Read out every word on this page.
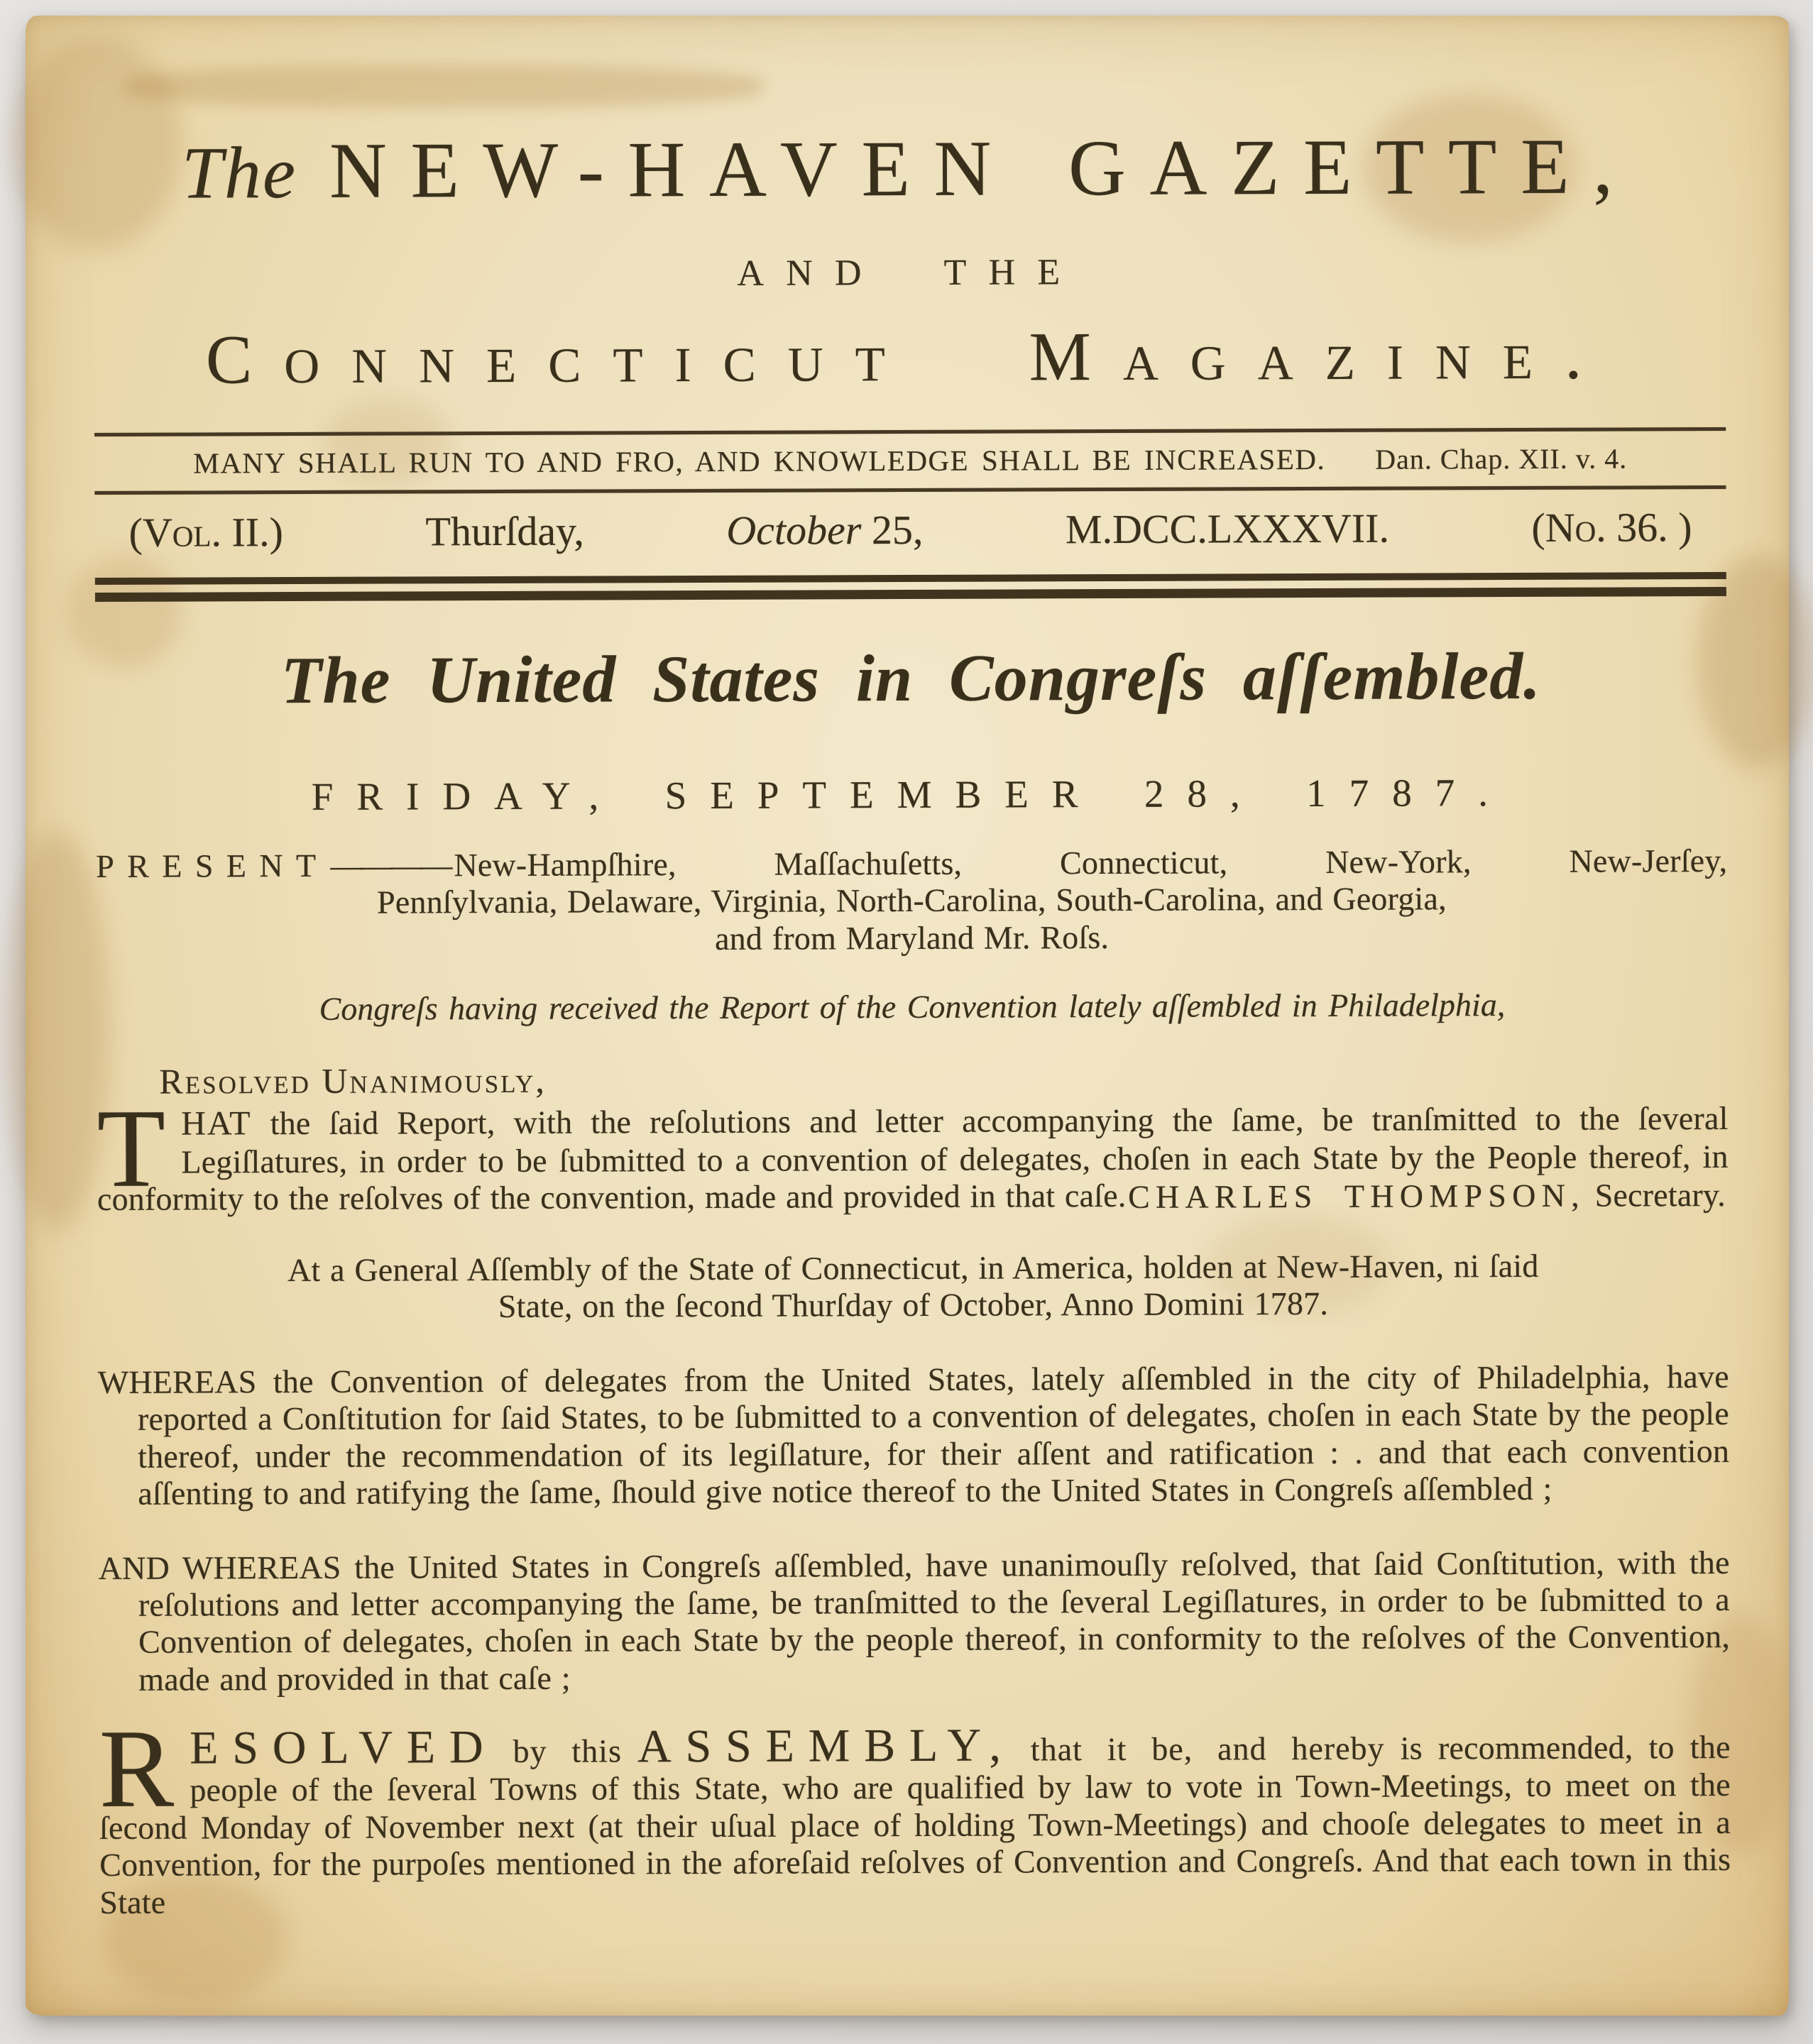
The NEW-HAVEN GAZETTE,
AND THE
Connecticut Magazine.
MANY SHALL RUN TO AND FRO, AND KNOWLEDGE SHALL BE INCREASED. Dan. Chap. XII. v. 4.
(Vol. II.)	Thurſday,	October 25,	M.DCC.LXXXVII.	(No. 36. )
The United States in Congreſs aſſembled.
FRIDAY, SEPTEMBER 28, 1787.

PRESENT ———— New-Hampſhire, Maſſachuſetts, Connecticut, New-York, New-Jerſey,

Pennſylvania, Delaware, Virginia, North-Carolina, South-Carolina, and Georgia,

and from Maryland Mr. Roſs.

Congreſs having received the Report of the Convention lately aſſembled in Philadelphia,

Resolved Unanimously,

THAT the ſaid Report, with the reſolutions and letter accompanying the ſame, be tranſmitted to the ſeveral Legiſlatures, in order to be ſubmitted to a convention of delegates, choſen in each State by the People thereof, in conformity to the reſolves of the convention, made and provided in that caſe. CHARLES THOMPSON, Secretary.

At a General Aſſembly of the State of Connecticut, in America, holden at New-Haven, ni ſaid

State, on the ſecond Thurſday of October, Anno Domini 1787.

WHEREAS the Convention of delegates from the United States, lately aſſembled in the city of Philadelphia, have reported a Conſtitution for ſaid States, to be ſubmitted to a convention of delegates, choſen in each State by the people thereof, under the recommendation of its legiſlature, for their aſſent and ratification : . and that each convention aſſenting to and ratifying the ſame, ſhould give notice thereof to the United States in Congreſs aſſembled ;

AND WHEREAS the United States in Congreſs aſſembled, have unanimouſly reſolved, that ſaid Conſtitution, with the reſolutions and letter accompanying the ſame, be tranſmitted to the ſeveral Legiſlatures, in order to be ſubmitted to a Convention of delegates, choſen in each State by the people thereof, in conformity to the reſolves of the Convention, made and provided in that caſe ;

RESOLVED by this ASSEMBLY, that it be, and hereby is recommended, to the people of the ſeveral Towns of this State, who are qualified by law to vote in Town-Meetings, to meet on the ſecond Monday of November next (at their uſual place of holding Town-Meetings) and chooſe delegates to meet in a Convention, for the purpoſes mentioned in the aforeſaid reſolves of Convention and Congreſs. And that each town in this State
